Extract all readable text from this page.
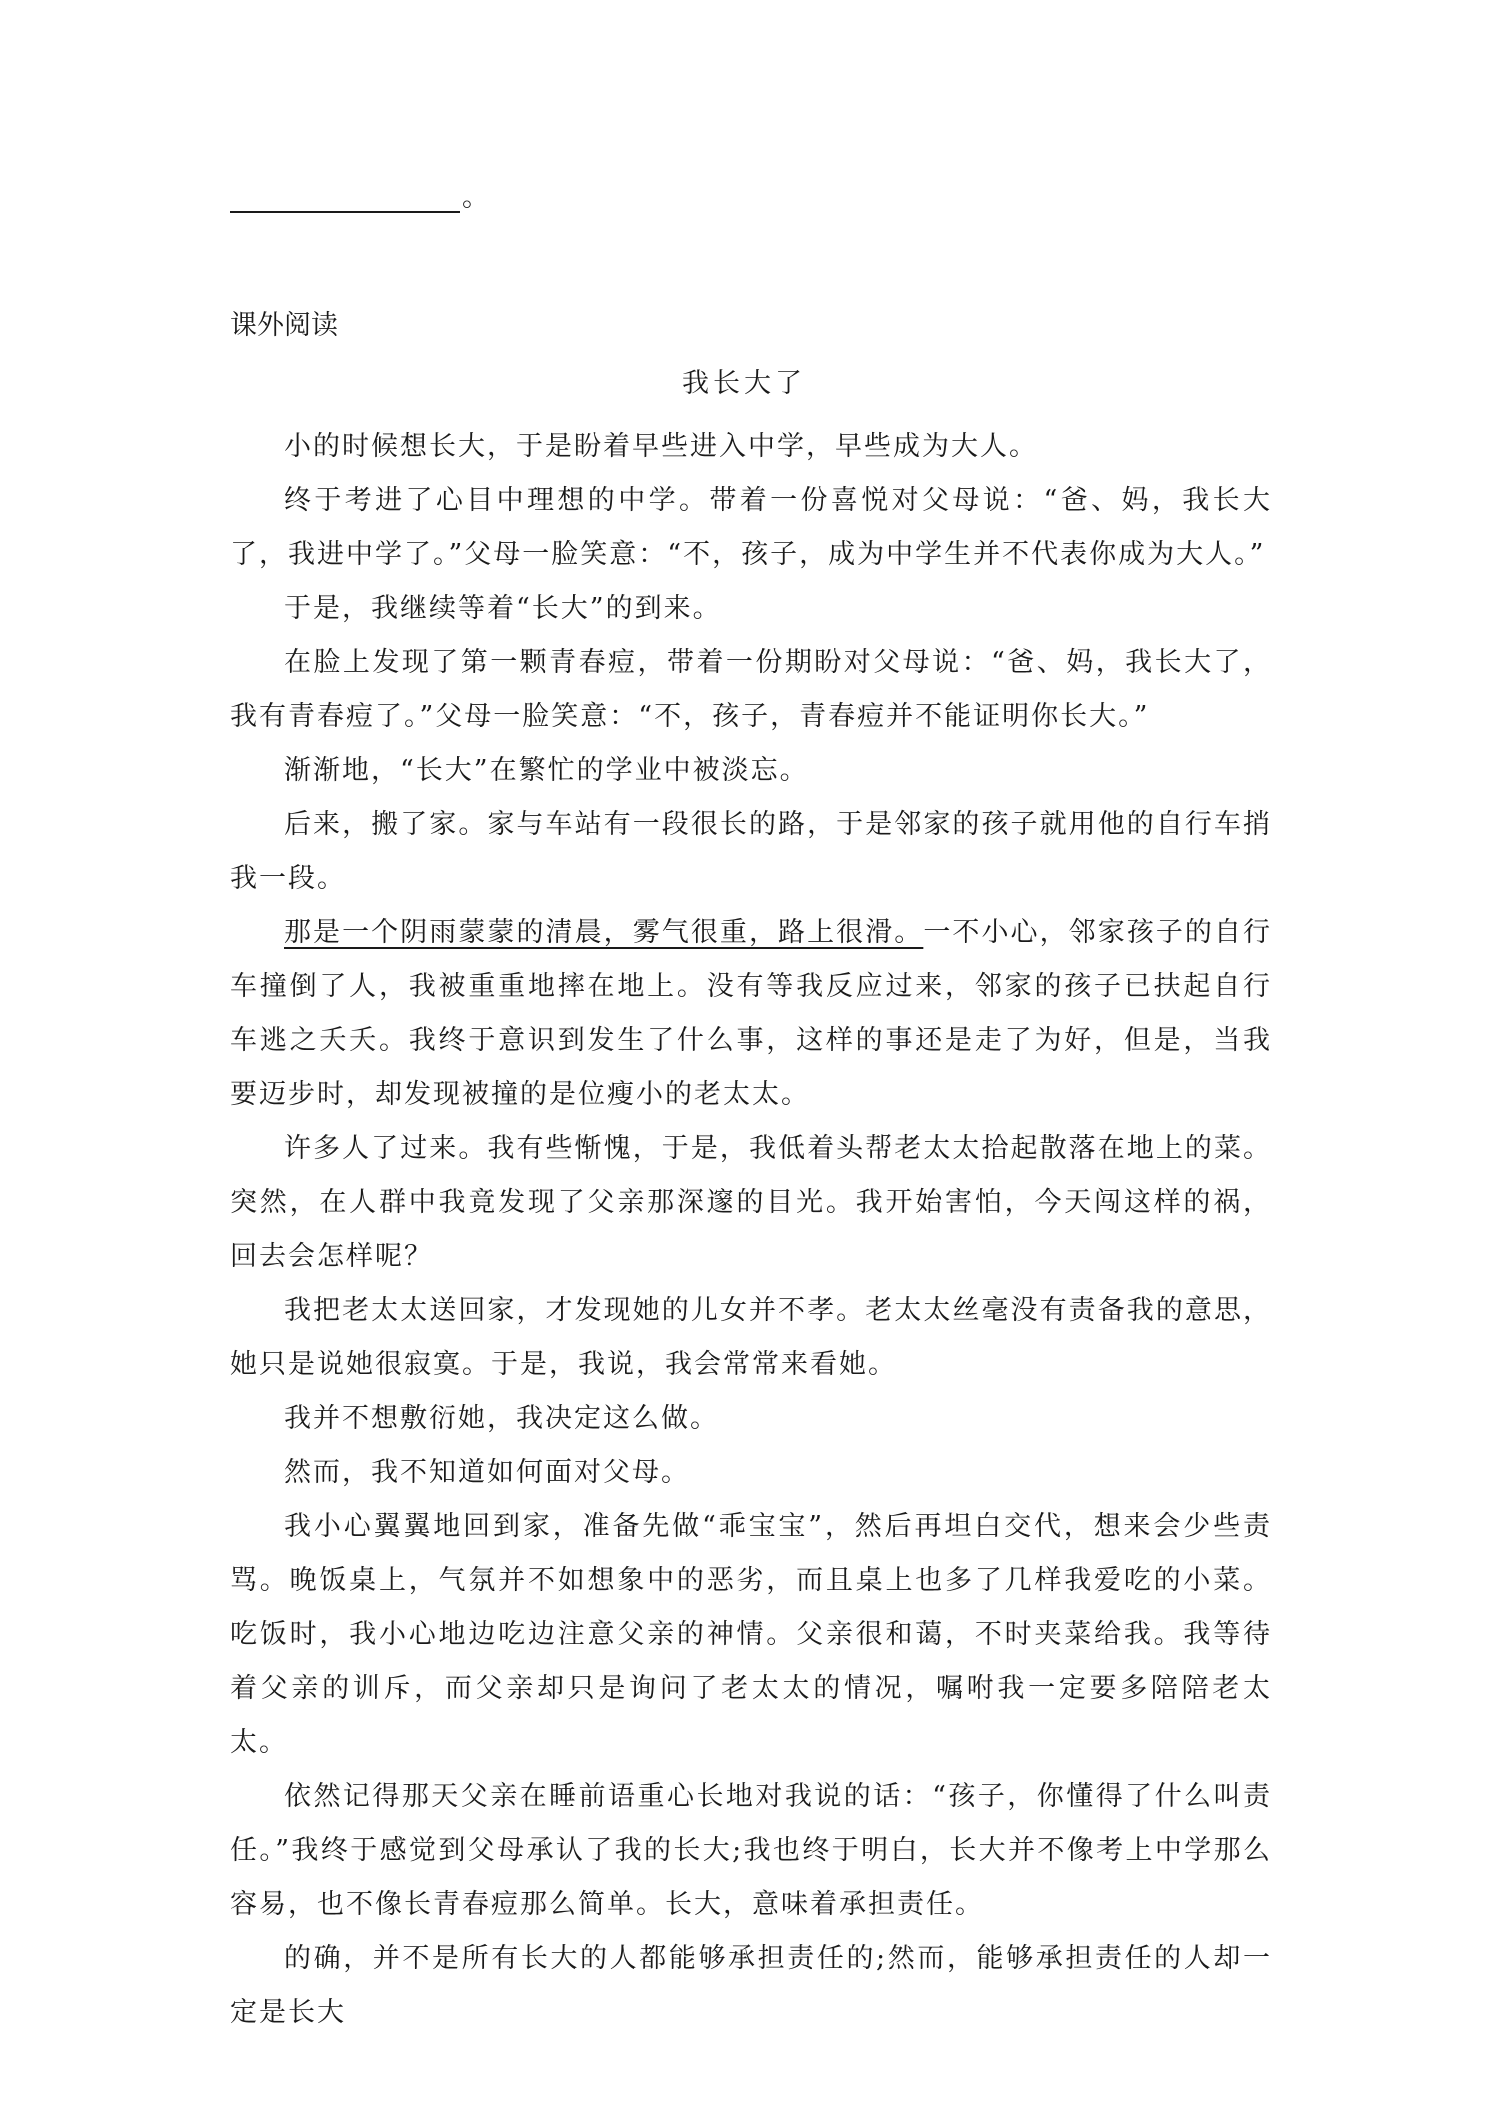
。
课外阅读
我长大了

小的时候想长大，于是盼着早些进入中学，早些成为大人。

终于考进了心目中理想的中学。带着一份喜悦对父母说：“爸、妈，我长大了，我进中学了。”父母一脸笑意：“不，孩子，成为中学生并不代表你成为大人。”

于是，我继续等着“长大”的到来。

在脸上发现了第一颗青春痘，带着一份期盼对父母说：“爸、妈，我长大了，我有青春痘了。”父母一脸笑意：“不，孩子，青春痘并不能证明你长大。”

渐渐地，“长大”在繁忙的学业中被淡忘。

后来，搬了家。家与车站有一段很长的路，于是邻家的孩子就用他的自行车捎我一段。

那是一个阴雨蒙蒙的清晨，雾气很重，路上很滑。一不小心，邻家孩子的自行车撞倒了人，我被重重地摔在地上。没有等我反应过来，邻家的孩子已扶起自行车逃之夭夭。我终于意识到发生了什么事，这样的事还是走了为好，但是，当我要迈步时，却发现被撞的是位瘦小的老太太。

许多人了过来。我有些惭愧，于是，我低着头帮老太太拾起散落在地上的菜。突然，在人群中我竟发现了父亲那深邃的目光。我开始害怕，今天闯这样的祸，回去会怎样呢？

我把老太太送回家，才发现她的儿女并不孝。老太太丝毫没有责备我的意思，她只是说她很寂寞。于是，我说，我会常常来看她。

我并不想敷衍她，我决定这么做。

然而，我不知道如何面对父母。

我小心翼翼地回到家，准备先做“乖宝宝”，然后再坦白交代，想来会少些责骂。晚饭桌上，气氛并不如想象中的恶劣，而且桌上也多了几样我爱吃的小菜。吃饭时，我小心地边吃边注意父亲的神情。父亲很和蔼，不时夹菜给我。我等待着父亲的训斥，而父亲却只是询问了老太太的情况，嘱咐我一定要多陪陪老太太。

依然记得那天父亲在睡前语重心长地对我说的话：“孩子，你懂得了什么叫责任。”我终于感觉到父母承认了我的长大;我也终于明白，长大并不像考上中学那么容易，也不像长青春痘那么简单。长大，意味着承担责任。

的确，并不是所有长大的人都能够承担责任的;然而，能够承担责任的人却一定是长大
